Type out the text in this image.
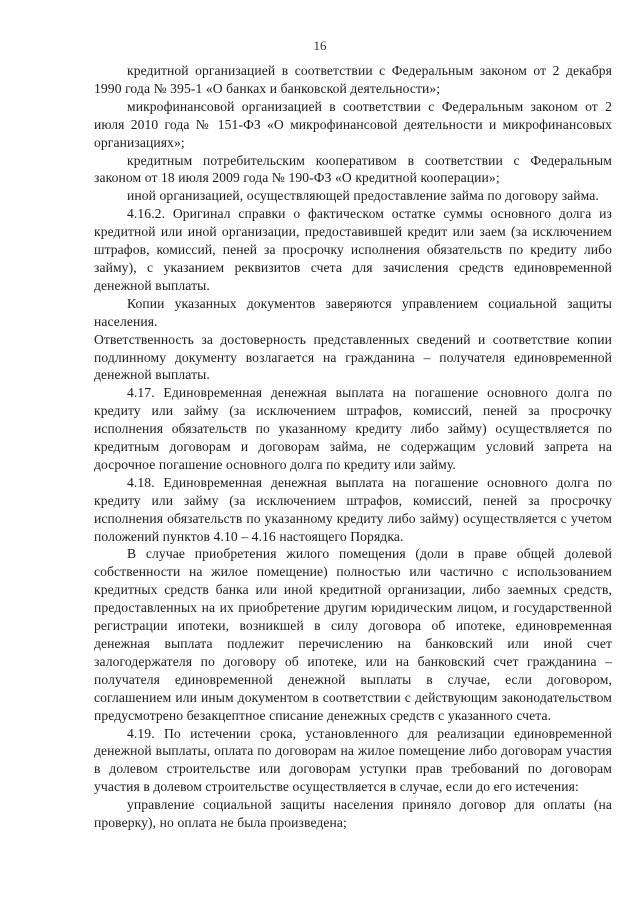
16

кредитной организацией в соответствии с Федеральным законом от 2 декабря 1990 года № 395-1 «О банках и банковской деятельности»;

микрофинансовой организацией в соответствии с Федеральным законом от 2 июля 2010 года № 151-ФЗ «О микрофинансовой деятельности и микрофинансовых организациях»;

кредитным потребительским кооперативом в соответствии с Федеральным законом от 18 июля 2009 года № 190-ФЗ «О кредитной кооперации»;

иной организацией, осуществляющей предоставление займа по договору займа.

4.16.2. Оригинал справки о фактическом остатке суммы основного долга из кредитной или иной организации, предоставившей кредит или заем (за исключением штрафов, комиссий, пеней за просрочку исполнения обязательств по кредиту либо займу), с указанием реквизитов счета для зачисления средств единовременной денежной выплаты.

Копии указанных документов заверяются управлением социальной защиты населения.

Ответственность за достоверность представленных сведений и соответствие копии подлинному документу возлагается на гражданина – получателя единовременной денежной выплаты.

4.17. Единовременная денежная выплата на погашение основного долга по кредиту или займу (за исключением штрафов, комиссий, пеней за просрочку исполнения обязательств по указанному кредиту либо займу) осуществляется по кредитным договорам и договорам займа, не содержащим условий запрета на досрочное погашение основного долга по кредиту или займу.

4.18. Единовременная денежная выплата на погашение основного долга по кредиту или займу (за исключением штрафов, комиссий, пеней за просрочку исполнения обязательств по указанному кредиту либо займу) осуществляется с учетом положений пунктов 4.10 – 4.16 настоящего Порядка.

В случае приобретения жилого помещения (доли в праве общей долевой собственности на жилое помещение) полностью или частично с использованием кредитных средств банка или иной кредитной организации, либо заемных средств, предоставленных на их приобретение другим юридическим лицом, и государственной регистрации ипотеки, возникшей в силу договора об ипотеке, единовременная денежная выплата подлежит перечислению на банковский или иной счет залогодержателя по договору об ипотеке, или на банковский счет гражданина – получателя единовременной денежной выплаты в случае, если договором, соглашением или иным документом в соответствии с действующим законодательством предусмотрено безакцептное списание денежных средств с указанного счета.

4.19. По истечении срока, установленного для реализации единовременной денежной выплаты, оплата по договорам на жилое помещение либо договорам участия в долевом строительстве или договорам уступки прав требований по договорам участия в долевом строительстве осуществляется в случае, если до его истечения:

управление социальной защиты населения приняло договор для оплаты (на проверку), но оплата не была произведена;
